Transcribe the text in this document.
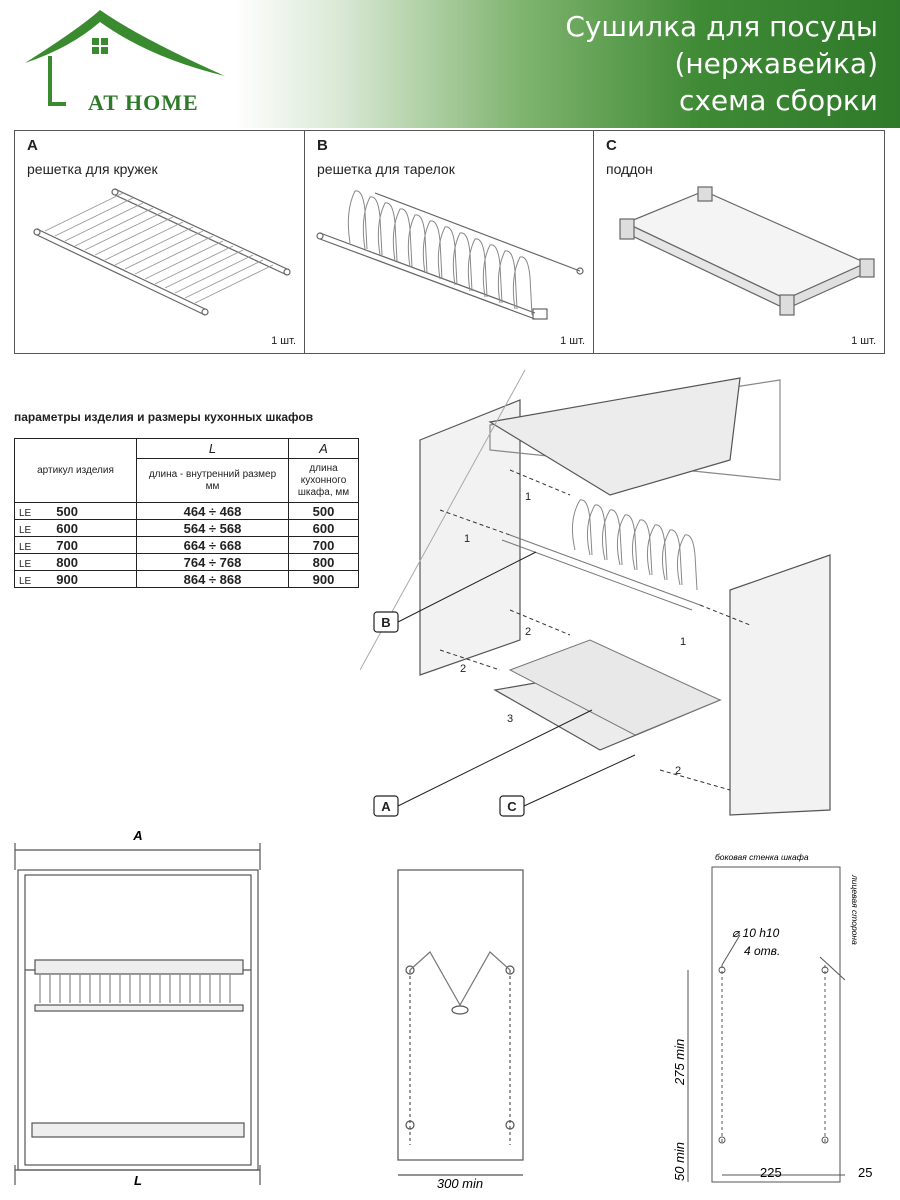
AT HOME
Сушилка для посуды
(нержавейка)
схема сборки
A
решетка для кружек
1 шт.
B
решетка для тарелок
1 шт.
C
поддон
1 шт.
параметры изделия и размеры кухонных шкафов
артикул изделия	L	A
	длина - внутренний размер мм	длина кухонного шкафа, мм
LE 500	464 ÷ 468	500
LE 600	564 ÷ 568	600
LE 700	664 ÷ 668	700
LE 800	764 ÷ 768	800
LE 900	864 ÷ 868	900
1
1
1
2
2
2
3
B
A	C
A
L	300 min
боковая стенка шкафа
лицевая сторона
⌀ 10 h10
4 отв.
275 min
50 min	225	25
